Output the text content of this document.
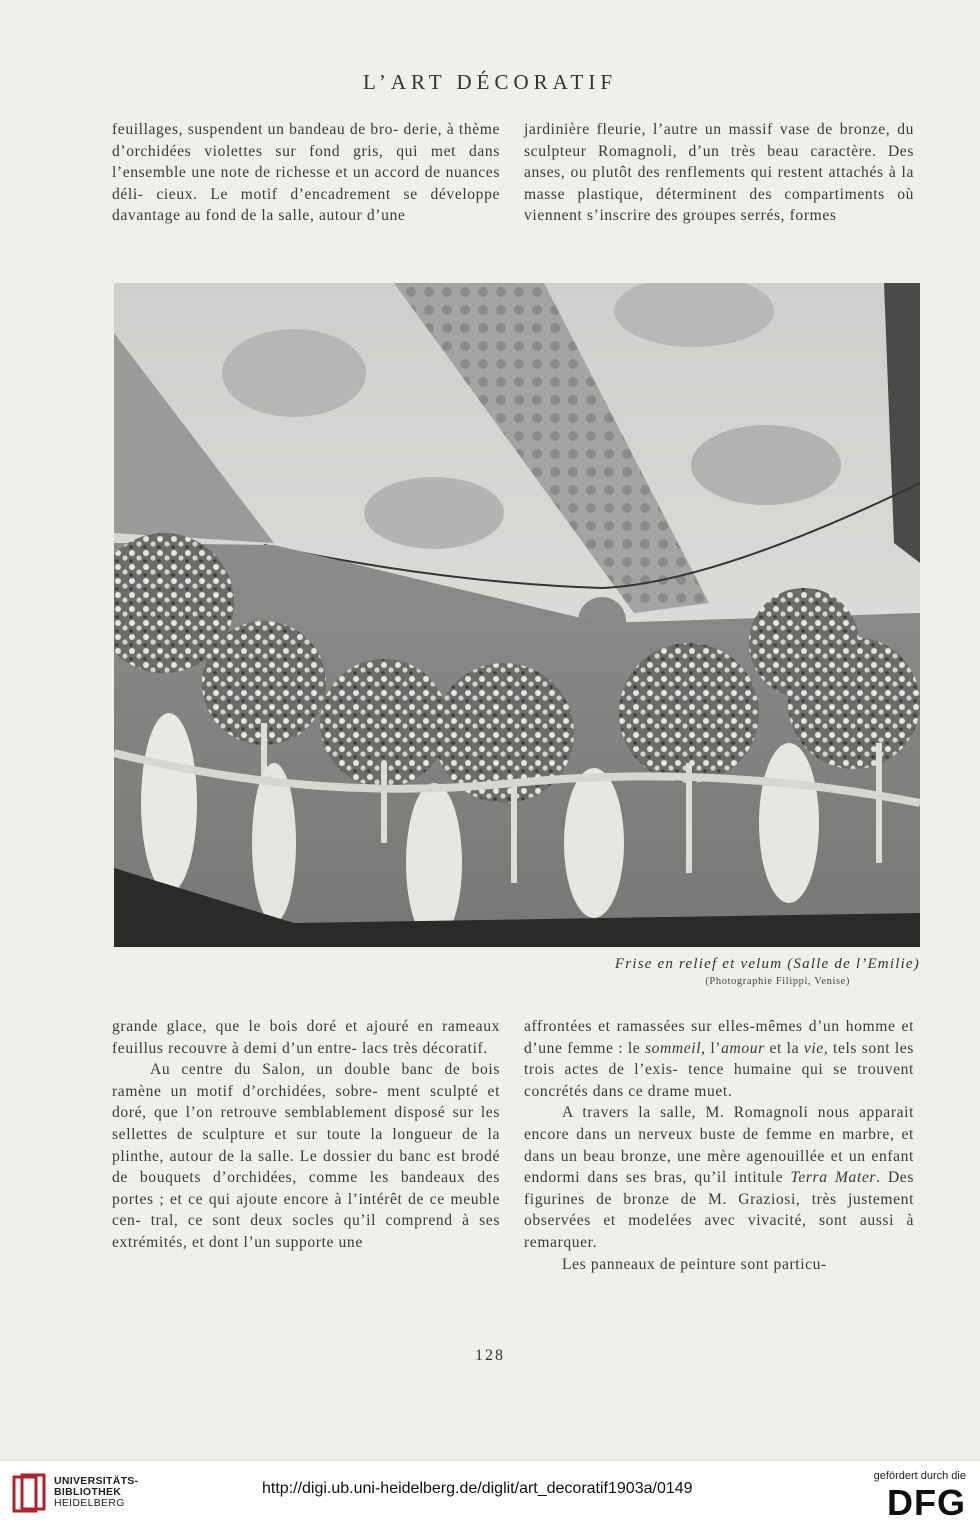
L’ART DÉCORATIF

feuillages, suspendent un bandeau de bro- derie, à thème d’orchidées violettes sur fond gris, qui met dans l’ensemble une note de richesse et un accord de nuances déli- cieux. Le motif d’encadrement se développe davantage au fond de la salle, autour d’une

jardinière fleurie, l’autre un massif vase de bronze, du sculpteur Romagnoli, d’un très beau caractère. Des anses, ou plutôt des renflements qui restent attachés à la masse plastique, déterminent des compartiments où viennent s’inscrire des groupes serrés, formes

Frise en relief et velum (Salle de l’Emilie)
(Photographie Filippi, Venise)

grande glace, que le bois doré et ajouré en rameaux feuillus recouvre à demi d’un entre- lacs très décoratif.

Au centre du Salon, un double banc de bois ramène un motif d’orchidées, sobre- ment sculpté et doré, que l’on retrouve semblablement disposé sur les sellettes de sculpture et sur toute la longueur de la plinthe, autour de la salle. Le dossier du banc est brodé de bouquets d’orchidées, comme les bandeaux des portes ; et ce qui ajoute encore à l’intérêt de ce meuble cen- tral, ce sont deux socles qu’il comprend à ses extrémités, et dont l’un supporte une

affrontées et ramassées sur elles-mêmes d’un homme et d’une femme : le sommeil, l’amour et la vie, tels sont les trois actes de l’exis- tence humaine qui se trouvent concrétés dans ce drame muet.

A travers la salle, M. Romagnoli nous apparait encore dans un nerveux buste de femme en marbre, et dans un beau bronze, une mère agenouillée et un enfant endormi dans ses bras, qu’il intitule Terra Mater. Des figurines de bronze de M. Graziosi, très justement observées et modelées avec vivacité, sont aussi à remarquer.

Les panneaux de peinture sont particu-

128
UNIVERSITÄTS-
BIBLIOTHEK
HEIDELBERG
http://digi.ub.uni-heidelberg.de/diglit/art_decoratif1903a/0149
gefördert durch die
DFG
